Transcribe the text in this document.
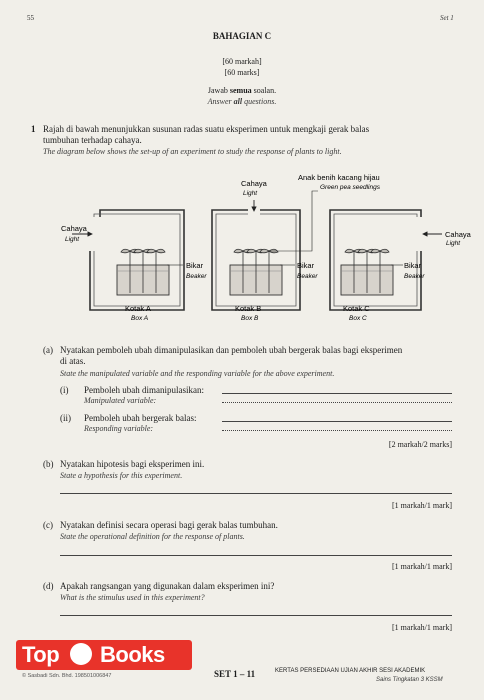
55	Set 1
BAHAGIAN C
[60 markah]
[60 marks]
Jawab semua soalan.
Answer all questions.
1 Rajah di bawah menunjukkan susunan radas suatu eksperimen untuk mengkaji gerak balas
tumbuhan terhadap cahaya.
The diagram below shows the set-up of an experiment to study the response of plants to light.
Cahaya
Light
Anak benih kacang hijau
Green pea seedlings
Cahaya
Light
Cahaya
Light
Bikar
Beaker
Bikar
Beaker
Bikar
Beaker
Kotak A
Box A
Kotak B
Box B
Kotak C
Box C
(a) Nyatakan pemboleh ubah dimanipulasikan dan pemboleh ubah bergerak balas bagi eksperimen
di atas.
State the manipulated variable and the responding variable for the above experiment.
(i) Pemboleh ubah dimanipulasikan:
Manipulated variable:
(ii) Pemboleh ubah bergerak balas:
Responding variable:
[2 markah/2 marks]
(b) Nyatakan hipotesis bagi eksperimen ini.
State a hypothesis for this experiment.
[1 markah/1 mark]
(c) Nyatakan definisi secara operasi bagi gerak balas tumbuhan.
State the operational definition for the response of plants.
[1 markah/1 mark]
(d) Apakah rangsangan yang digunakan dalam eksperimen ini?
What is the stimulus used in this experiment?
[1 markah/1 mark]
Top Books
© Sasbadi Sdn. Bhd. 198501006847	SET 1 – 11	KERTAS PERSEDIAAN UJIAN AKHIR SESI AKADEMIK
Sains Tingkatan 3 KSSM
